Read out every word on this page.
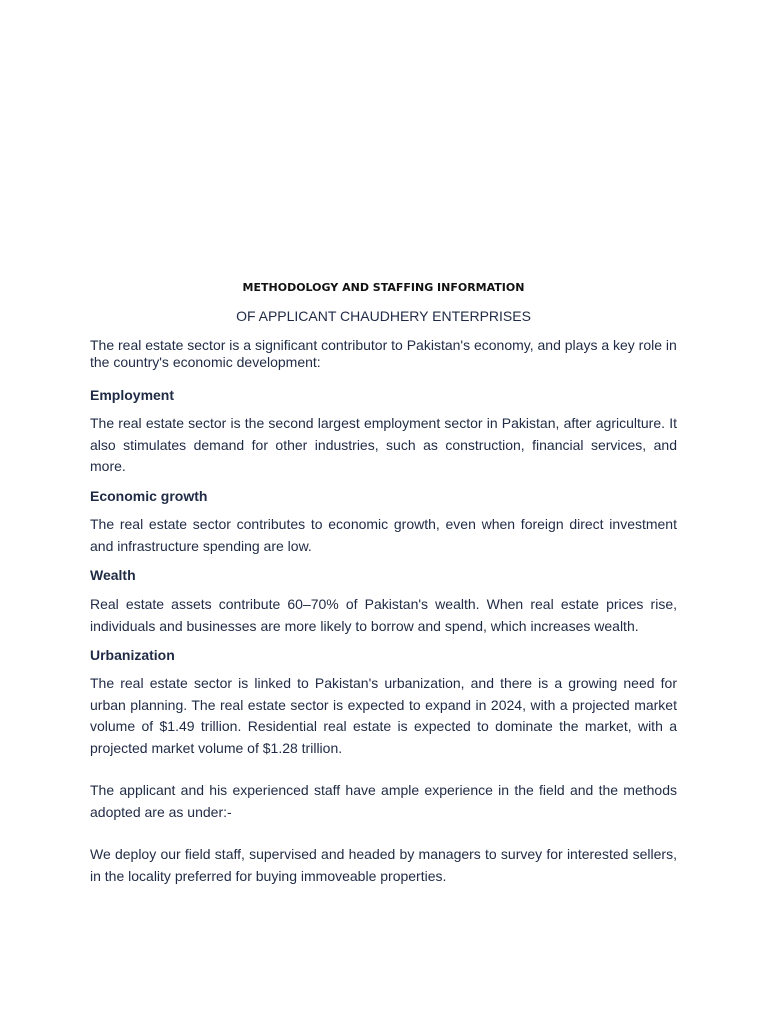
METHODOLOGY AND STAFFING INFORMATION
OF APPLICANT CHAUDHERY ENTERPRISES

The real estate sector is a significant contributor to Pakistan's economy, and plays a key role in the country's economic development:

Employment

The real estate sector is the second largest employment sector in Pakistan, after agriculture. It also stimulates demand for other industries, such as construction, financial services, and more.

Economic growth

The real estate sector contributes to economic growth, even when foreign direct investment and infrastructure spending are low.

Wealth

Real estate assets contribute 60–70% of Pakistan's wealth. When real estate prices rise, individuals and businesses are more likely to borrow and spend, which increases wealth.

Urbanization

The real estate sector is linked to Pakistan's urbanization, and there is a growing need for urban planning. The real estate sector is expected to expand in 2024, with a projected market volume of $1.49 trillion. Residential real estate is expected to dominate the market, with a projected market volume of $1.28 trillion.

The applicant and his experienced staff have ample experience in the field and the methods adopted are as under:-

We deploy our field staff, supervised and headed by managers to survey for interested sellers, in the locality preferred for buying immoveable properties.
